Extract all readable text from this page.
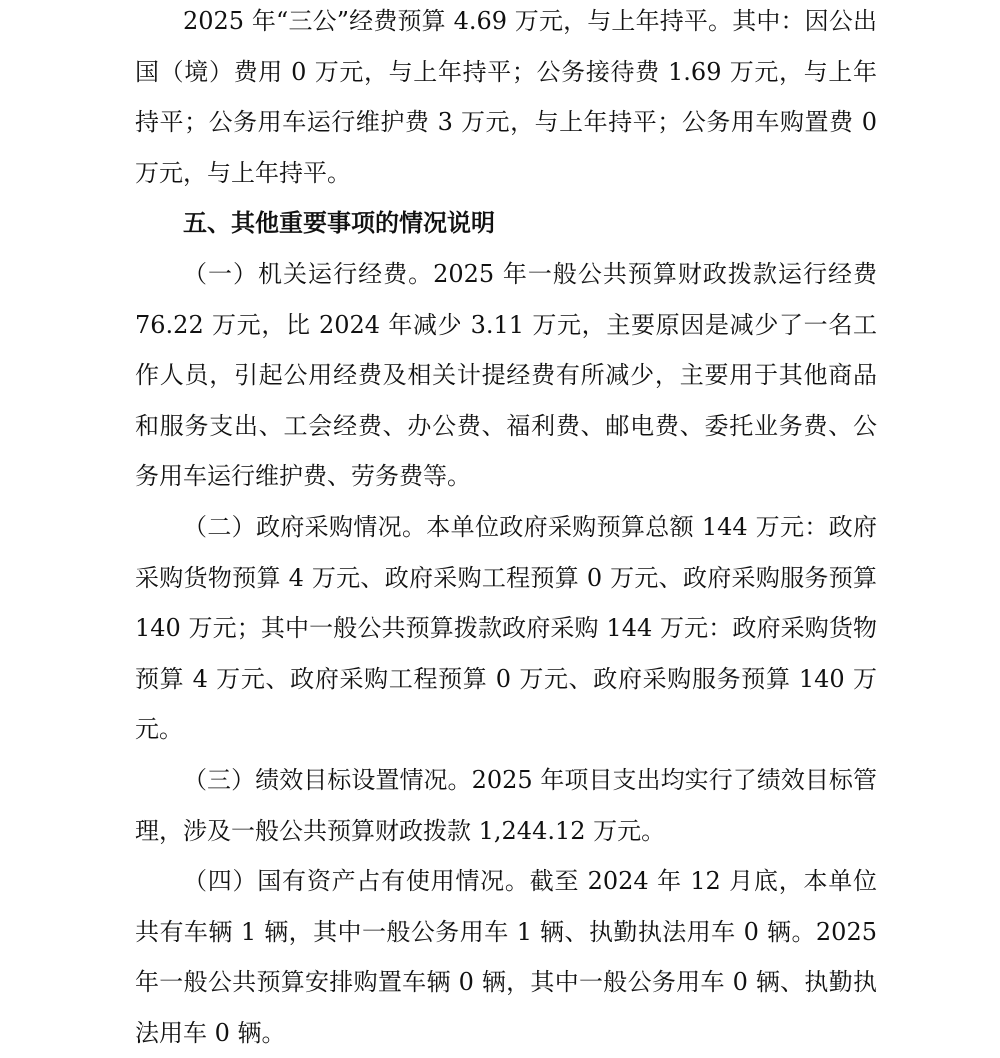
2025 年“三公”经费预算 4.69 万元，与上年持平。其中：因公出国（境）费用 0 万元，与上年持平；公务接待费 1.69 万元，与上年持平；公务用车运行维护费 3 万元，与上年持平；公务用车购置费 0 万元，与上年持平。

五、其他重要事项的情况说明

（一）机关运行经费。2025 年一般公共预算财政拨款运行经费 76.22 万元，比 2024 年减少 3.11 万元，主要原因是减少了一名工作人员，引起公用经费及相关计提经费有所减少，主要用于其他商品和服务支出、工会经费、办公费、福利费、邮电费、委托业务费、公务用车运行维护费、劳务费等。

（二）政府采购情况。本单位政府采购预算总额 144 万元：政府采购货物预算 4 万元、政府采购工程预算 0 万元、政府采购服务预算 140 万元；其中一般公共预算拨款政府采购 144 万元：政府采购货物预算 4 万元、政府采购工程预算 0 万元、政府采购服务预算 140 万元。

（三）绩效目标设置情况。2025 年项目支出均实行了绩效目标管理，涉及一般公共预算财政拨款 1,244.12 万元。

（四）国有资产占有使用情况。截至 2024 年 12 月底，本单位共有车辆 1 辆，其中一般公务用车 1 辆、执勤执法用车 0 辆。2025 年一般公共预算安排购置车辆 0 辆，其中一般公务用车 0 辆、执勤执法用车 0 辆。
